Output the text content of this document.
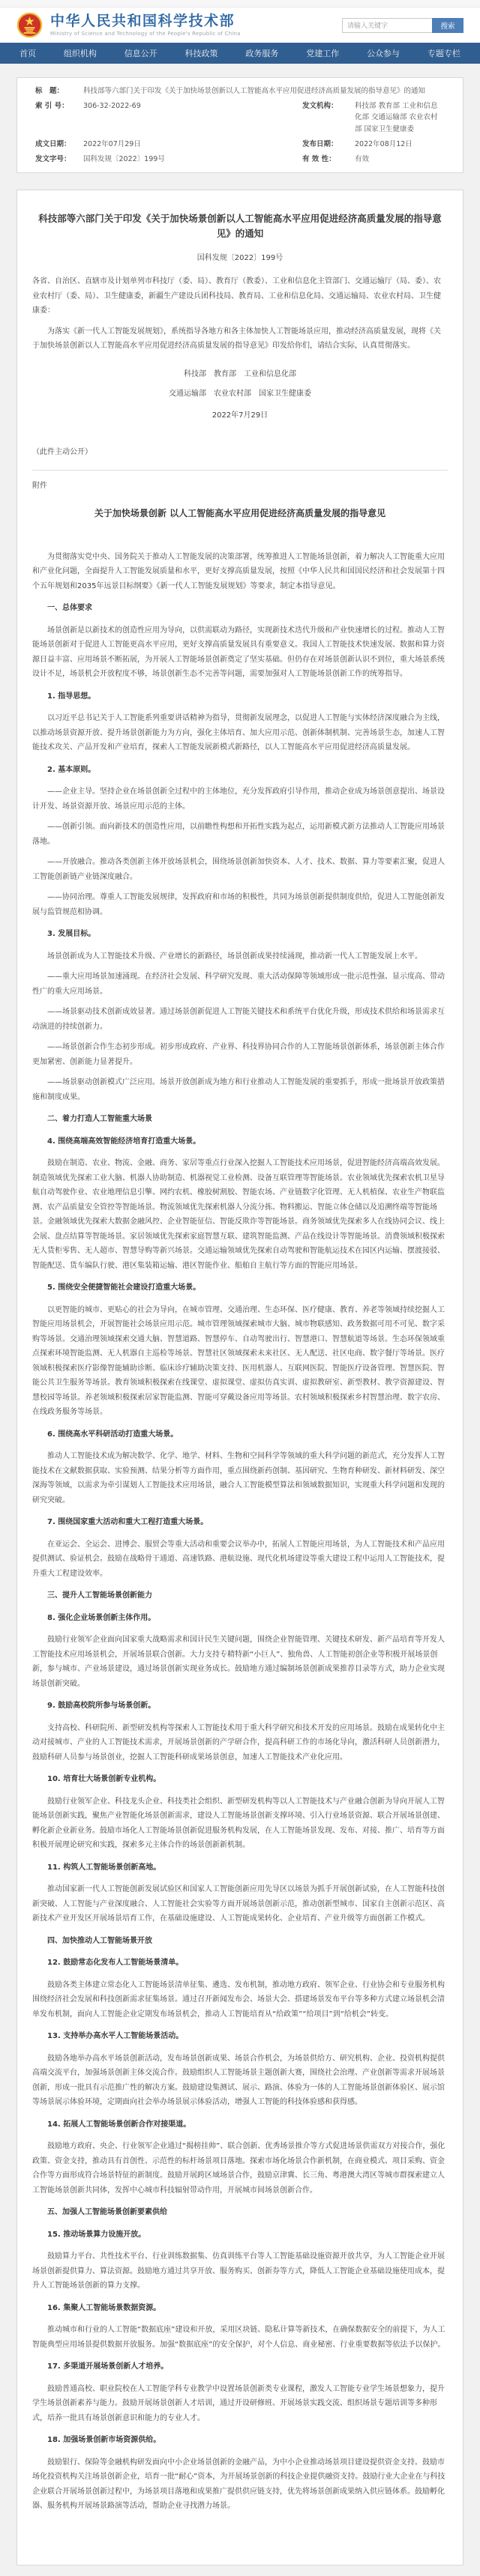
中华人民共和国科学技术部
Ministry of Science and Technology of the People's Republic of China
请输入关键字
搜索
首页	组织机构	信息公开	科技政策	政务服务	党建工作	公众参与	专题专栏
标　题：	科技部等六部门关于印发《关于加快场景创新以人工智能高水平应用促进经济高质量发展的指导意见》的通知
索 引 号：	306-32-2022-69	发文机构：	科技部 教育部 工业和信息化部 交通运输部 农业农村部 国家卫生健康委
成文日期：	2022年07月29日	发布日期：	2022年08月12日
发文字号：	国科发规〔2022〕199号	有 效 性：	有效
科技部等六部门关于印发《关于加快场景创新以人工智能高水平应用促进经济高质量发展的指导意见》的通知
国科发规〔2022〕199号

各省、自治区、直辖市及计划单列市科技厅（委、局）、教育厅（教委）、工业和信息化主管部门、交通运输厅（局、委）、农业农村厅（委、局）、卫生健康委，新疆生产建设兵团科技局、教育局、工业和信息化局、交通运输局、农业农村局、卫生健康委：

为落实《新一代人工智能发展规划》，系统指导各地方和各主体加快人工智能场景应用，推动经济高质量发展，现将《关于加快场景创新以人工智能高水平应用促进经济高质量发展的指导意见》印发给你们，请结合实际，认真贯彻落实。

科技部　教育部　工业和信息化部
交通运输部　农业农村部　国家卫生健康委
2022年7月29日

（此件主动公开）

附件

关于加快场景创新 以人工智能高水平应用促进经济高质量发展的指导意见

为贯彻落实党中央、国务院关于推动人工智能发展的决策部署，统筹推进人工智能场景创新，着力解决人工智能重大应用和产业化问题，全面提升人工智能发展质量和水平，更好支撑高质量发展，按照《中华人民共和国国民经济和社会发展第十四个五年规划和2035年远景目标纲要》《新一代人工智能发展规划》等要求，制定本指导意见。

一、总体要求

场景创新是以新技术的创造性应用为导向，以供需联动为路径，实现新技术迭代升级和产业快速增长的过程。推动人工智能场景创新对于促进人工智能更高水平应用，更好支撑高质量发展具有重要意义。我国人工智能技术快速发展、数据和算力资源日益丰富、应用场景不断拓展，为开展人工智能场景创新奠定了坚实基础。但仍存在对场景创新认识不到位，重大场景系统设计不足，场景机会开放程度不够，场景创新生态不完善等问题，需要加强对人工智能场景创新工作的统筹指导。

1. 指导思想。

以习近平总书记关于人工智能系列重要讲话精神为指导，贯彻新发展理念，以促进人工智能与实体经济深度融合为主线，以推动场景资源开放、提升场景创新能力为方向，强化主体培育、加大应用示范、创新体制机制、完善场景生态，加速人工智能技术攻关、产品开发和产业培育，探索人工智能发展新模式新路径，以人工智能高水平应用促进经济高质量发展。

2. 基本原则。

——企业主导。坚持企业在场景创新全过程中的主体地位，充分发挥政府引导作用，推动企业成为场景创意提出、场景设计开发、场景资源开放、场景应用示范的主体。

——创新引领。面向新技术的创造性应用，以前瞻性构想和开拓性实践为起点，运用新模式新方法推动人工智能应用场景落地。

——开放融合。推动各类创新主体开放场景机会，围绕场景创新加快资本、人才、技术、数据、算力等要素汇聚，促进人工智能创新链产业链深度融合。

——协同治理。尊重人工智能发展规律，发挥政府和市场的积极性，共同为场景创新提供制度供给，促进人工智能创新发展与监管规范相协调。

3. 发展目标。

场景创新成为人工智能技术升级、产业增长的新路径，场景创新成果持续涌现，推动新一代人工智能发展上水平。

——重大应用场景加速涌现。在经济社会发展、科学研究发现、重大活动保障等领域形成一批示范性强、显示度高、带动性广的重大应用场景。

——场景驱动技术创新成效显著。通过场景创新促进人工智能关键技术和系统平台优化升级，形成技术供给和场景需求互动演进的持续创新力。

——场景创新合作生态初步形成。初步形成政府、产业界、科技界协同合作的人工智能场景创新体系，场景创新主体合作更加紧密、创新能力显著提升。

——场景驱动创新模式广泛应用。场景开放创新成为地方和行业推动人工智能发展的重要抓手，形成一批场景开放政策措施和制度成果。

二、着力打造人工智能重大场景

4. 围绕高端高效智能经济培育打造重大场景。

鼓励在制造、农业、物流、金融、商务、家居等重点行业深入挖掘人工智能技术应用场景，促进智能经济高端高效发展。制造领域优先探索工业大脑、机器人协助制造、机器视觉工业检测、设备互联管理等智能场景。农业领域优先探索农机卫星导航自动驾驶作业、农业地理信息引擎、网约农机、橡胶树割胶、智能农场、产业链数字化管理、无人机植保、农业生产物联监测、农产品质量安全管控等智能场景。物流领域优先探索机器人分流分拣、物料搬运、智能立体仓储以及追溯终端等智能场景。金融领域优先探索大数据金融风控、企业智能征信、智能反欺诈等智能场景。商务领域优先探索多人在线协同会议、线上会展、盘点结算等智能场景。家居领域优先探索家庭智慧互联、建筑智能监测、产品在线设计等智能场景。消费领域积极探索无人货柜零售、无人超市、智慧导购等新兴场景。交通运输领域优先探索自动驾驶和智能航运技术在园区内运输、摆渡接驳、智能配送、货车编队行驶、港区集装箱运输、港区智能作业、船舶自主航行等方面的智能应用场景。

5. 围绕安全便捷智能社会建设打造重大场景。

以更智能的城市、更贴心的社会为导向，在城市管理、交通治理、生态环保、医疗健康、教育、养老等领域持续挖掘人工智能应用场景机会，开展智能社会场景应用示范。城市管理领域探索城市大脑、城市物联感知、政务数据可用不可见、数字采购等场景。交通治理领域探索交通大脑、智慧道路、智慧停车、自动驾驶出行、智慧港口、智慧航道等场景。生态环保领域重点探索环境智能监测、无人机器自主巡检等场景。智慧社区领域探索未来社区、无人配送、社区电商、数字餐厅等场景。医疗领域积极探索医疗影像智能辅助诊断、临床诊疗辅助决策支持、医用机器人、互联网医院、智能医疗设备管理、智慧医院、智能公共卫生服务等场景。教育领域积极探索在线课堂、虚拟课堂、虚拟仿真实训、虚拟教研室、新型教材、教学资源建设、智慧校园等场景。养老领域积极探索居家智能监测、智能可穿戴设备应用等场景。农村领域积极探索乡村智慧治理、数字农房、在线政务服务等场景。

6. 围绕高水平科研活动打造重大场景。

推动人工智能技术成为解决数学、化学、地学、材料、生物和空间科学等领域的重大科学问题的新范式，充分发挥人工智能技术在文献数据获取、实验预测、结果分析等方面作用，重点围绕新药创制、基因研究、生物育种研发、新材料研发、深空深海等领域，以需求为牵引谋划人工智能技术应用场景，融合人工智能模型算法和领域数据知识，实现重大科学问题和发现的研究突破。

7. 围绕国家重大活动和重大工程打造重大场景。

在亚运会、全运会、进博会、服贸会等重大活动和重要会议举办中，拓展人工智能应用场景，为人工智能技术和产品应用提供测试、验证机会。鼓励在战略骨干通道、高速铁路、港航设施、现代化机场建设等重大建设工程中运用人工智能技术，提升重大工程建设效率。

三、提升人工智能场景创新能力

8. 强化企业场景创新主体作用。

鼓励行业领军企业面向国家重大战略需求和国计民生关键问题，围绕企业智能管理、关键技术研发、新产品培育等开发人工智能技术应用场景机会，开展场景联合创新。大力支持专精特新“小巨人”、独角兽、人工智能初创企业等积极开展场景创新，参与城市、产业场景建设，通过场景创新实现业务成长。鼓励地方通过编制场景创新成果推荐目录等方式，助力企业实现场景创新突破。

9. 鼓励高校院所参与场景创新。

支持高校、科研院所、新型研发机构等探索人工智能技术用于重大科学研究和技术开发的应用场景。鼓励在成果转化中主动对接城市、产业的人工智能技术需求，开展场景创新的产学研合作，提高科研工作的市场化导向，激活科研人员创新潜力，鼓励科研人员参与场景创业，挖掘人工智能科研成果场景创意，加速人工智能技术产业化应用。

10. 培育壮大场景创新专业机构。

鼓励行业领军企业、科技龙头企业、科技类社会组织、新型研发机构等以人工智能技术与产业融合创新为导向开展人工智能场景创新实践，聚焦产业智能化场景创新需求，建设人工智能场景创新支撑环境、引入行业场景资源、联合开展场景创建、孵化新企业新业务。鼓励市场化人工智能场景创新促进服务机构发展，在人工智能场景发现、发布、对接、推广、培育等方面积极开展理论研究和实践，探索多元主体合作的场景创新新机制。

11. 构筑人工智能场景创新高地。

推动国家新一代人工智能创新发展试验区和国家人工智能创新应用先导区以场景为抓手开展创新试验，在人工智能科技创新突破、人工智能与产业深度融合、人工智能社会实验等方面开展场景创新示范，推动创新型城市、国家自主创新示范区、高新技术产业开发区开展场景培育工作，在基础设施建设、人工智能成果转化、企业培育、产业升级等方面创新工作模式。

四、加快推动人工智能场景开放

12. 鼓励常态化发布人工智能场景清单。

鼓励各类主体建立常态化人工智能场景清单征集、遴选、发布机制，推动地方政府、领军企业、行业协会和专业服务机构围绕经济社会发展和科技创新需求征集场景。通过召开新闻发布会、场景大会、搭建场景发布平台等多种方式建立场景机会清单发布机制，面向人工智能企业定期发布场景机会，推动人工智能培育从“给政策”“给项目”到“给机会”转变。

13. 支持举办高水平人工智能场景活动。

鼓励各地举办高水平场景创新活动，发布场景创新成果、场景合作机会，为场景供给方、研究机构、企业、投资机构提供高端交流平台，加强场景创新主体交流合作。鼓励组织人工智能场景主题创新大赛，围绕社会治理、产业创新等需求开展场景创新，形成一批具有示范推广性的解决方案。鼓励建设集测试、展示、路演、体验为一体的人工智能场景创新体验区、展示馆等场景展示体验环境，定期面向社会举办场景展示体验活动，增强人工智能的科技体验感和获得感。

14. 拓展人工智能场景创新合作对接渠道。

鼓励地方政府、央企、行业领军企业通过“揭榜挂帅”、联合创新、优秀场景推介等方式促进场景供需双方对接合作，强化政策、资金支持，推动具有首创性、示范性的标杆场景项目落地。探索市场化场景合作新机制，在商业模式、项目采购、资金合作等方面形成符合场景特征的新制度。鼓励开展跨区域场景合作，鼓励京津冀、长三角、粤港澳大湾区等城市群探索建立人工智能场景创新共同体，发挥中心城市科技辐射带动作用，开展城市间场景创新合作。

五、加强人工智能场景创新要素供给

15. 推动场景算力设施开放。

鼓励算力平台、共性技术平台、行业训练数据集、仿真训练平台等人工智能基础设施资源开放共享，为人工智能企业开展场景创新提供算力、算法资源。鼓励地方通过共享开放、服务购买、创新券等方式，降低人工智能企业基础设施使用成本，提升人工智能场景创新的算力支撑。

16. 集聚人工智能场景数据资源。

推动城市和行业的人工智能“数据底座”建设和开放，采用区块链、隐私计算等新技术，在确保数据安全的前提下，为人工智能典型应用场景提供数据开放服务。加强“数据底座”的安全保护，对个人信息、商业秘密、行业重要数据等依法予以保护。

17. 多渠道开展场景创新人才培养。

鼓励普通高校、职业院校在人工智能学科专业教学中设置场景创新类专业课程，激发人工智能专业学生场景想象力，提升学生场景创新素养与能力。鼓励开展场景创新人才培训，通过开设研修班、开展场景实践交流、组织场景专题培训等多种形式，培养一批具有场景创新意识和能力的专业人才。

18. 加强场景创新市场资源供给。

鼓励银行、保险等金融机构研发面向中小企业场景创新的金融产品，为中小企业推动场景项目建设提供资金支持。鼓励市场化投资机构关注场景创新企业，培育一批“耐心”资本，为开展场景创新的科技企业提供融资支持。鼓励行业大企业在与科技企业联合开展场景创新过程中，为场景项目落地和成果推广提供供应链支持，优先将场景创新成果纳入供应链体系。鼓励孵化器、服务机构开展场景路演等活动，帮助企业寻找潜力场景。
